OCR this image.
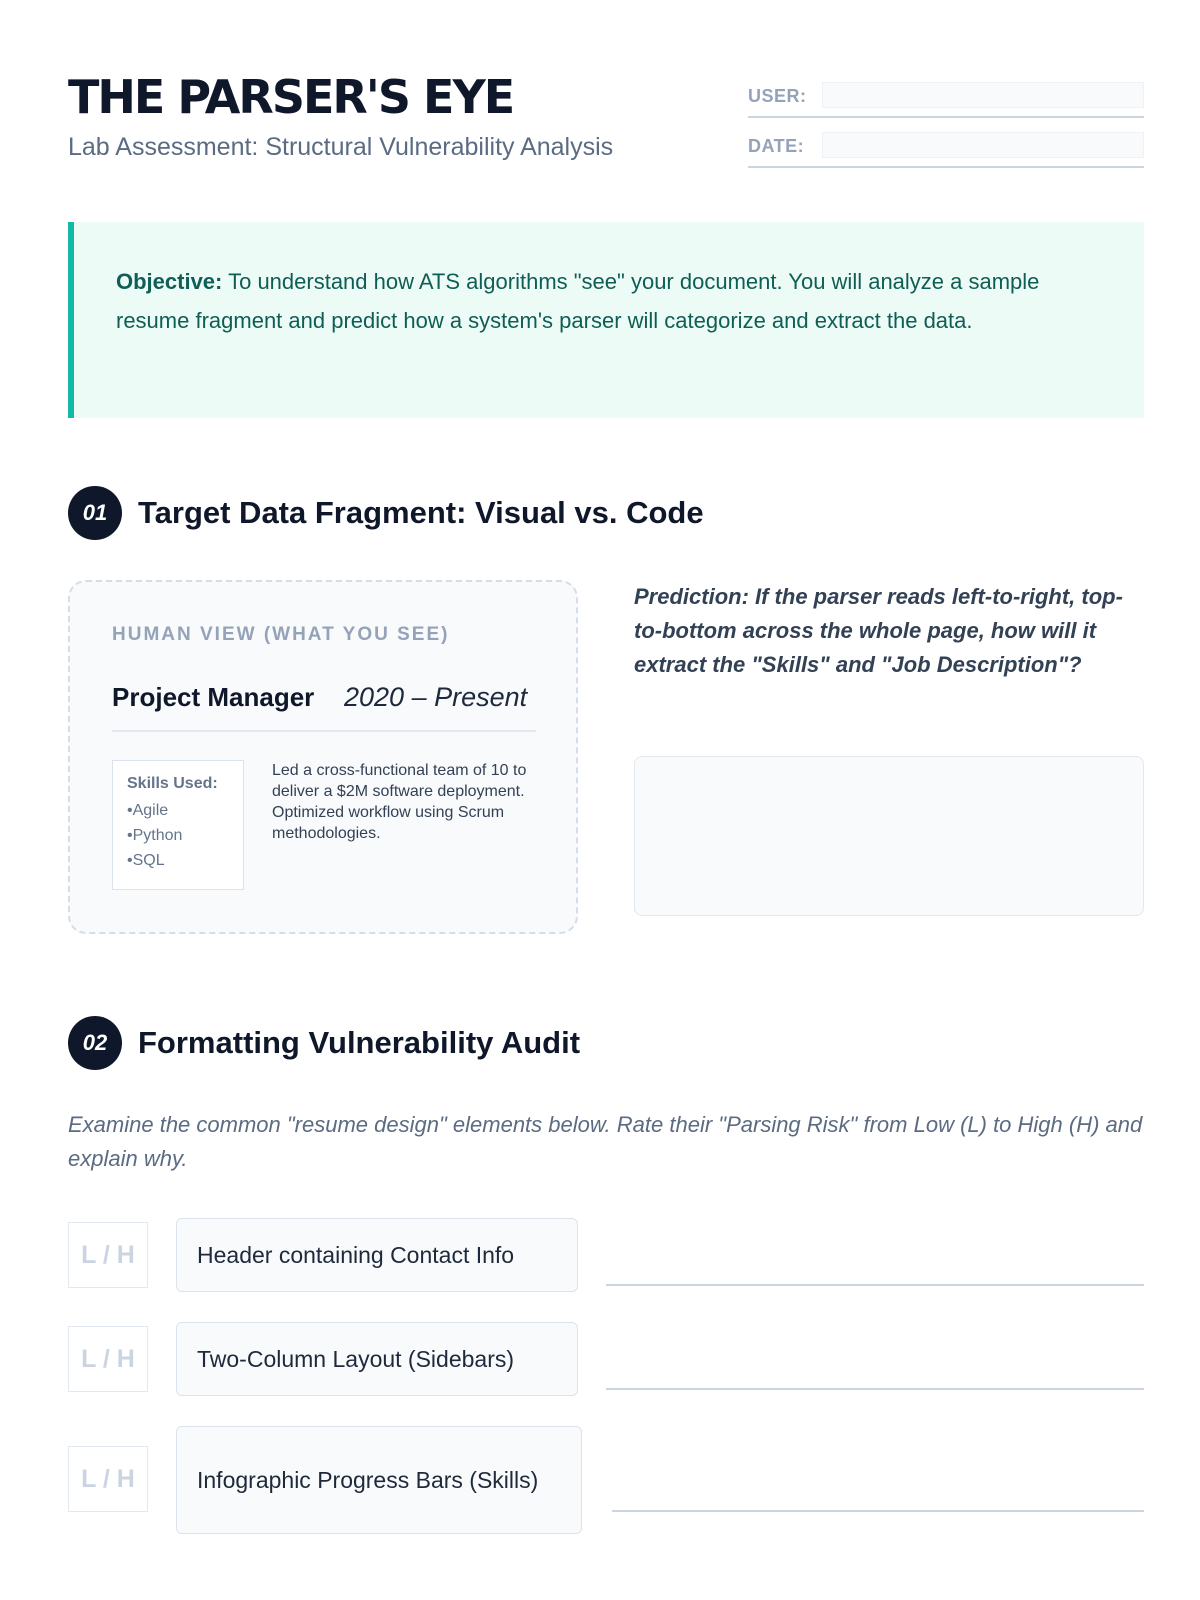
THE PARSER'S EYE
Lab Assessment: Structural Vulnerability Analysis
USER:
DATE:
Objective: To understand how ATS algorithms "see" your document. You will analyze a sample resume fragment and predict how a system's parser will categorize and extract the data.
01 Target Data Fragment: Visual vs. Code
HUMAN VIEW (WHAT YOU SEE)
Project Manager 2020 – Present
Skills Used:
• Agile
• Python
• SQL
Led a cross-functional team of 10 to deliver a $2M software deployment. Optimized workflow using Scrum methodologies.
Prediction: If the parser reads left-to-right, top-to-bottom across the whole page, how will it extract the "Skills" and "Job Description"?
02 Formatting Vulnerability Audit
Examine the common "resume design" elements below. Rate their "Parsing Risk" from Low (L) to High (H) and explain why.
L / H	Header containing Contact Info
L / H	Two-Column Layout (Sidebars)
L / H	Infographic Progress Bars (Skills)
